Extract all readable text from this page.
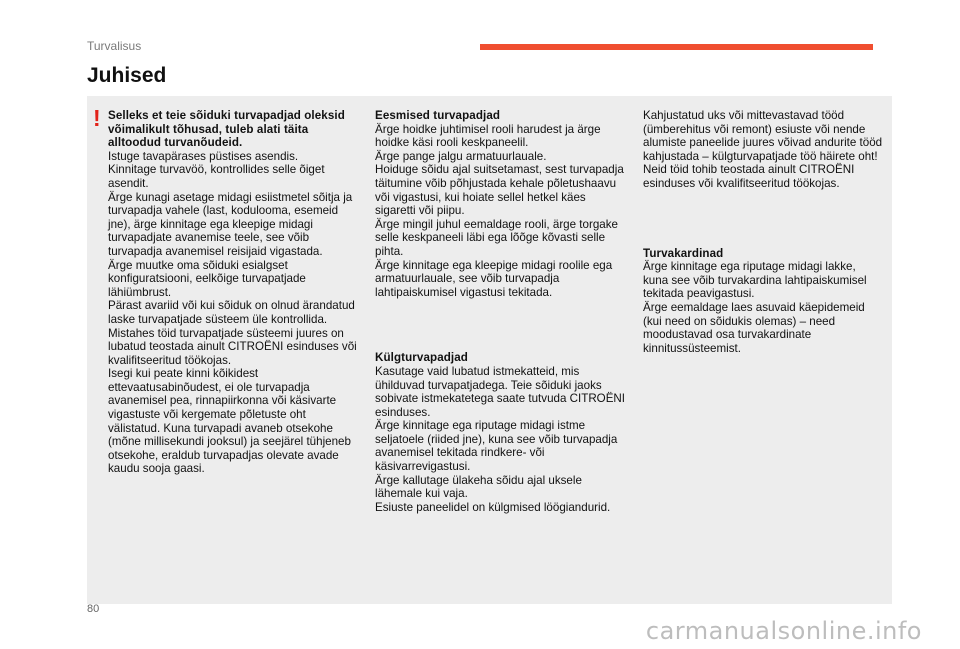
Turvalisus
Juhised
! Selleks et teie sõiduki turvapadjad oleksid võimalikult tõhusad, tuleb alati täita alltoodud turvanõudeid.

Istuge tavapärases püstises asendis.

Kinnitage turvavöö, kontrollides selle õiget asendit.

Ärge kunagi asetage midagi esiistmetel sõitja ja turvapadja vahele (last, koduloomа, esemeid jne), ärge kinnitage ega kleepige midagi turvapadjate avanemise teele, see võib turvapadja avanemisel reisijaid vigastada.

Ärge muutke oma sõiduki esialgset konfiguratsiooni, eelkõige turvapatjade lähiümbrust.

Pärast avariid või kui sõiduk on olnud ärandatud laske turvapatjade süsteem üle kontrollida.

Mistahes töid turvapatjade süsteemi juures on lubatud teostada ainult CITROËNI esinduses või kvalifitseeritud töökojas.

Isegi kui peate kinni kõikidest ettevaatusabinõudest, ei ole turvapadja avanemisel pea, rinnapiirkonna või käsivarte vigastuste või kergemate põletuste oht välistatud. Kuna turvapadi avaneb otsekohe (mõne millisekundi jooksul) ja seejärel tühjeneb otsekohe, eraldub turvapadjas olevate avade kaudu sooja gaasi.

Eesmised turvapadjad

Ärge hoidke juhtimisel rooli harudest ja ärge hoidke käsi rooli keskpaneelil.

Ärge pange jalgu armatuurlauale.

Hoiduge sõidu ajal suitsetamast, sest turvapadja täitumine võib põhjustada kehale põletushaavu või vigastusi, kui hoiate sellel hetkel käes sigaretti või piipu.

Ärge mingil juhul eemaldage rooli, ärge torgake selle keskpaneeli läbi ega lõõge kõvasti selle pihta.

Ärge kinnitage ega kleepige midagi roolile ega armatuurlauale, see võib turvapadja lahtipaiskumisel vigastusi tekitada.

Külgturvapadjad

Kasutage vaid lubatud istmekatteid, mis ühilduvad turvapatjadega. Teie sõiduki jaoks sobivate istmekatetega saate tutvuda CITROËNI esinduses.

Ärge kinnitage ega riputage midagi istme seljatoele (riided jne), kuna see võib turvapadja avanemisel tekitada rindkere- või käsivarrevigastusi.

Ärge kallutage ülakeha sõidu ajal uksele lähemale kui vaja.

Esiuste paneelidel on külgmised löögiandurid.

Kahjustatud uks või mittevastavad tööd (ümberehitus või remont) esiuste või nende alumiste paneelide juures võivad andurite tööd kahjustada – külgturvapatjade töö häirete oht!

Neid töid tohib teostada ainult CITROËNI esinduses või kvalifitseeritud töökojas.

Turvakardinad

Ärge kinnitage ega riputage midagi lakke, kuna see võib turvakardina lahtipaiskumisel tekitada peavigastusi.

Ärge eemaldage laes asuvaid käepidemeid (kui need on sõidukis olemas) – need moodustavad osa turvakardinate kinnitussüsteemist.

80
carmanualsonline.info
